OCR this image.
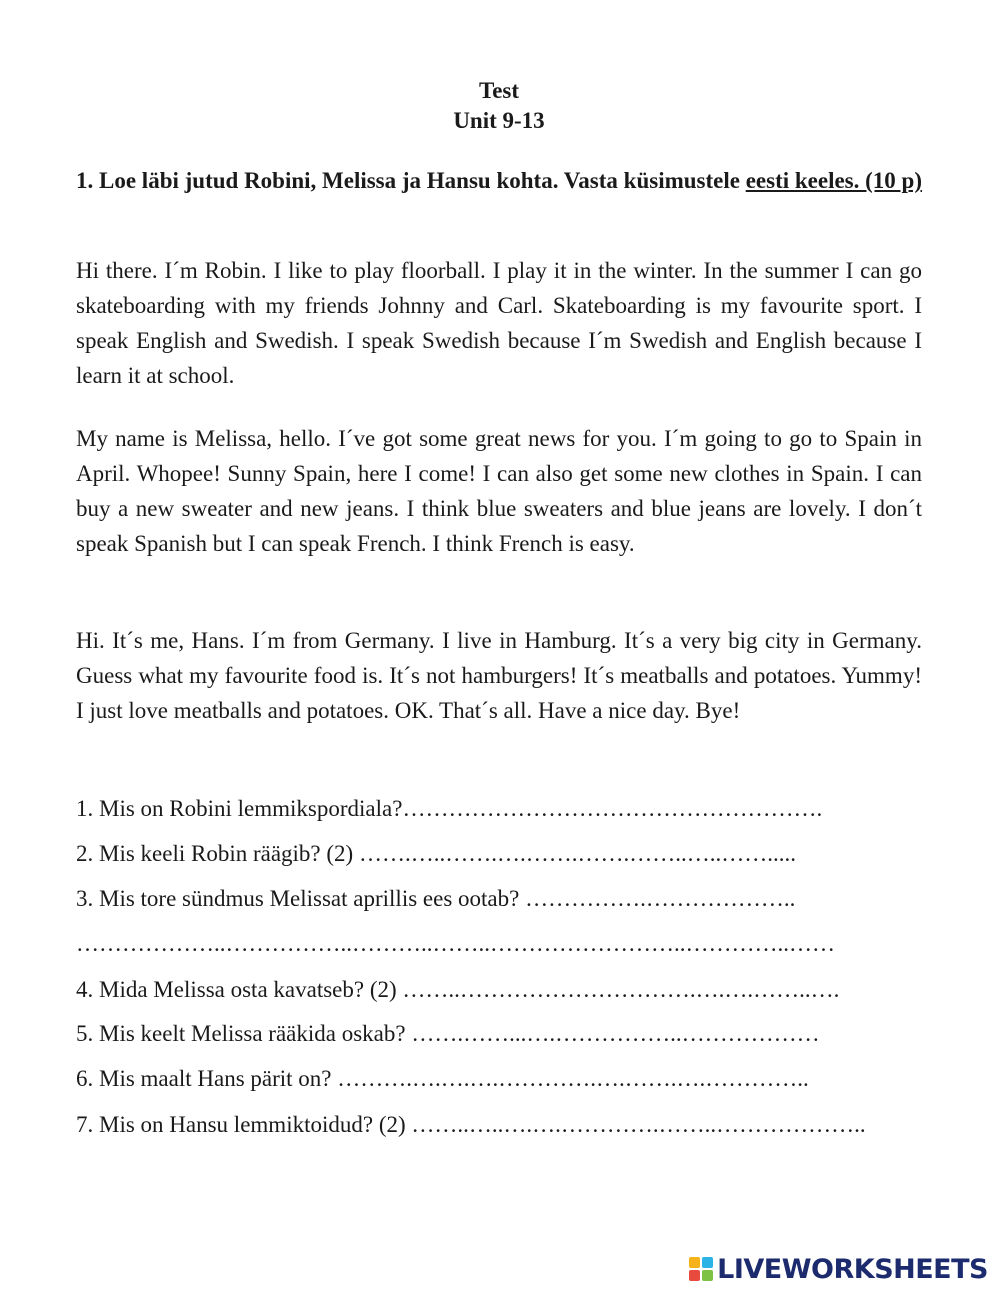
Test
Unit 9-13
1. Loe läbi jutud Robini, Melissa ja Hansu kohta. Vasta küsimustele eesti keeles. (10 p)

Hi there. I´m Robin. I like to play floorball. I play it in the winter. In the summer I can go skateboarding with my friends Johnny and Carl. Skateboarding is my favourite sport. I speak English and Swedish. I speak Swedish because I´m Swedish and English because I learn it at school.

My name is Melissa, hello. I´ve got some great news for you. I´m going to go to Spain in April. Whopee! Sunny Spain, here I come! I can also get some new clothes in Spain. I can buy a new sweater and new jeans. I think blue sweaters and blue jeans are lovely. I don´t speak Spanish but I can speak French. I think French is easy.

Hi. It´s me, Hans. I´m from Germany. I live in Hamburg. It´s a very big city in Germany. Guess what my favourite food is. It´s not hamburgers! It´s meatballs and potatoes. Yummy! I just love meatballs and potatoes. OK. That´s all. Have a nice day. Bye!

1. Mis on Robini lemmikspordiala?……………………………………………….
2. Mis keeli Robin räägib? (2) …….…..…….….…….…….……..…..…….....
3. Mis tore sündmus Melissat aprillis ees ootab? …………….………………..
………………..……………..………..……..……………………..…………..……
4. Mida Melissa osta kavatseb? (2) ……..………………………….….….……..….
5. Mis keelt Melissa rääkida oskab? …….……...….……………..………………
6. Mis maalt Hans pärit on? ……….….….….………….….…….….…………..
7. Mis on Hansu lemmiktoidud? (2) ……..…..….….………….……..………………..
LIVEWORKSHEETS
